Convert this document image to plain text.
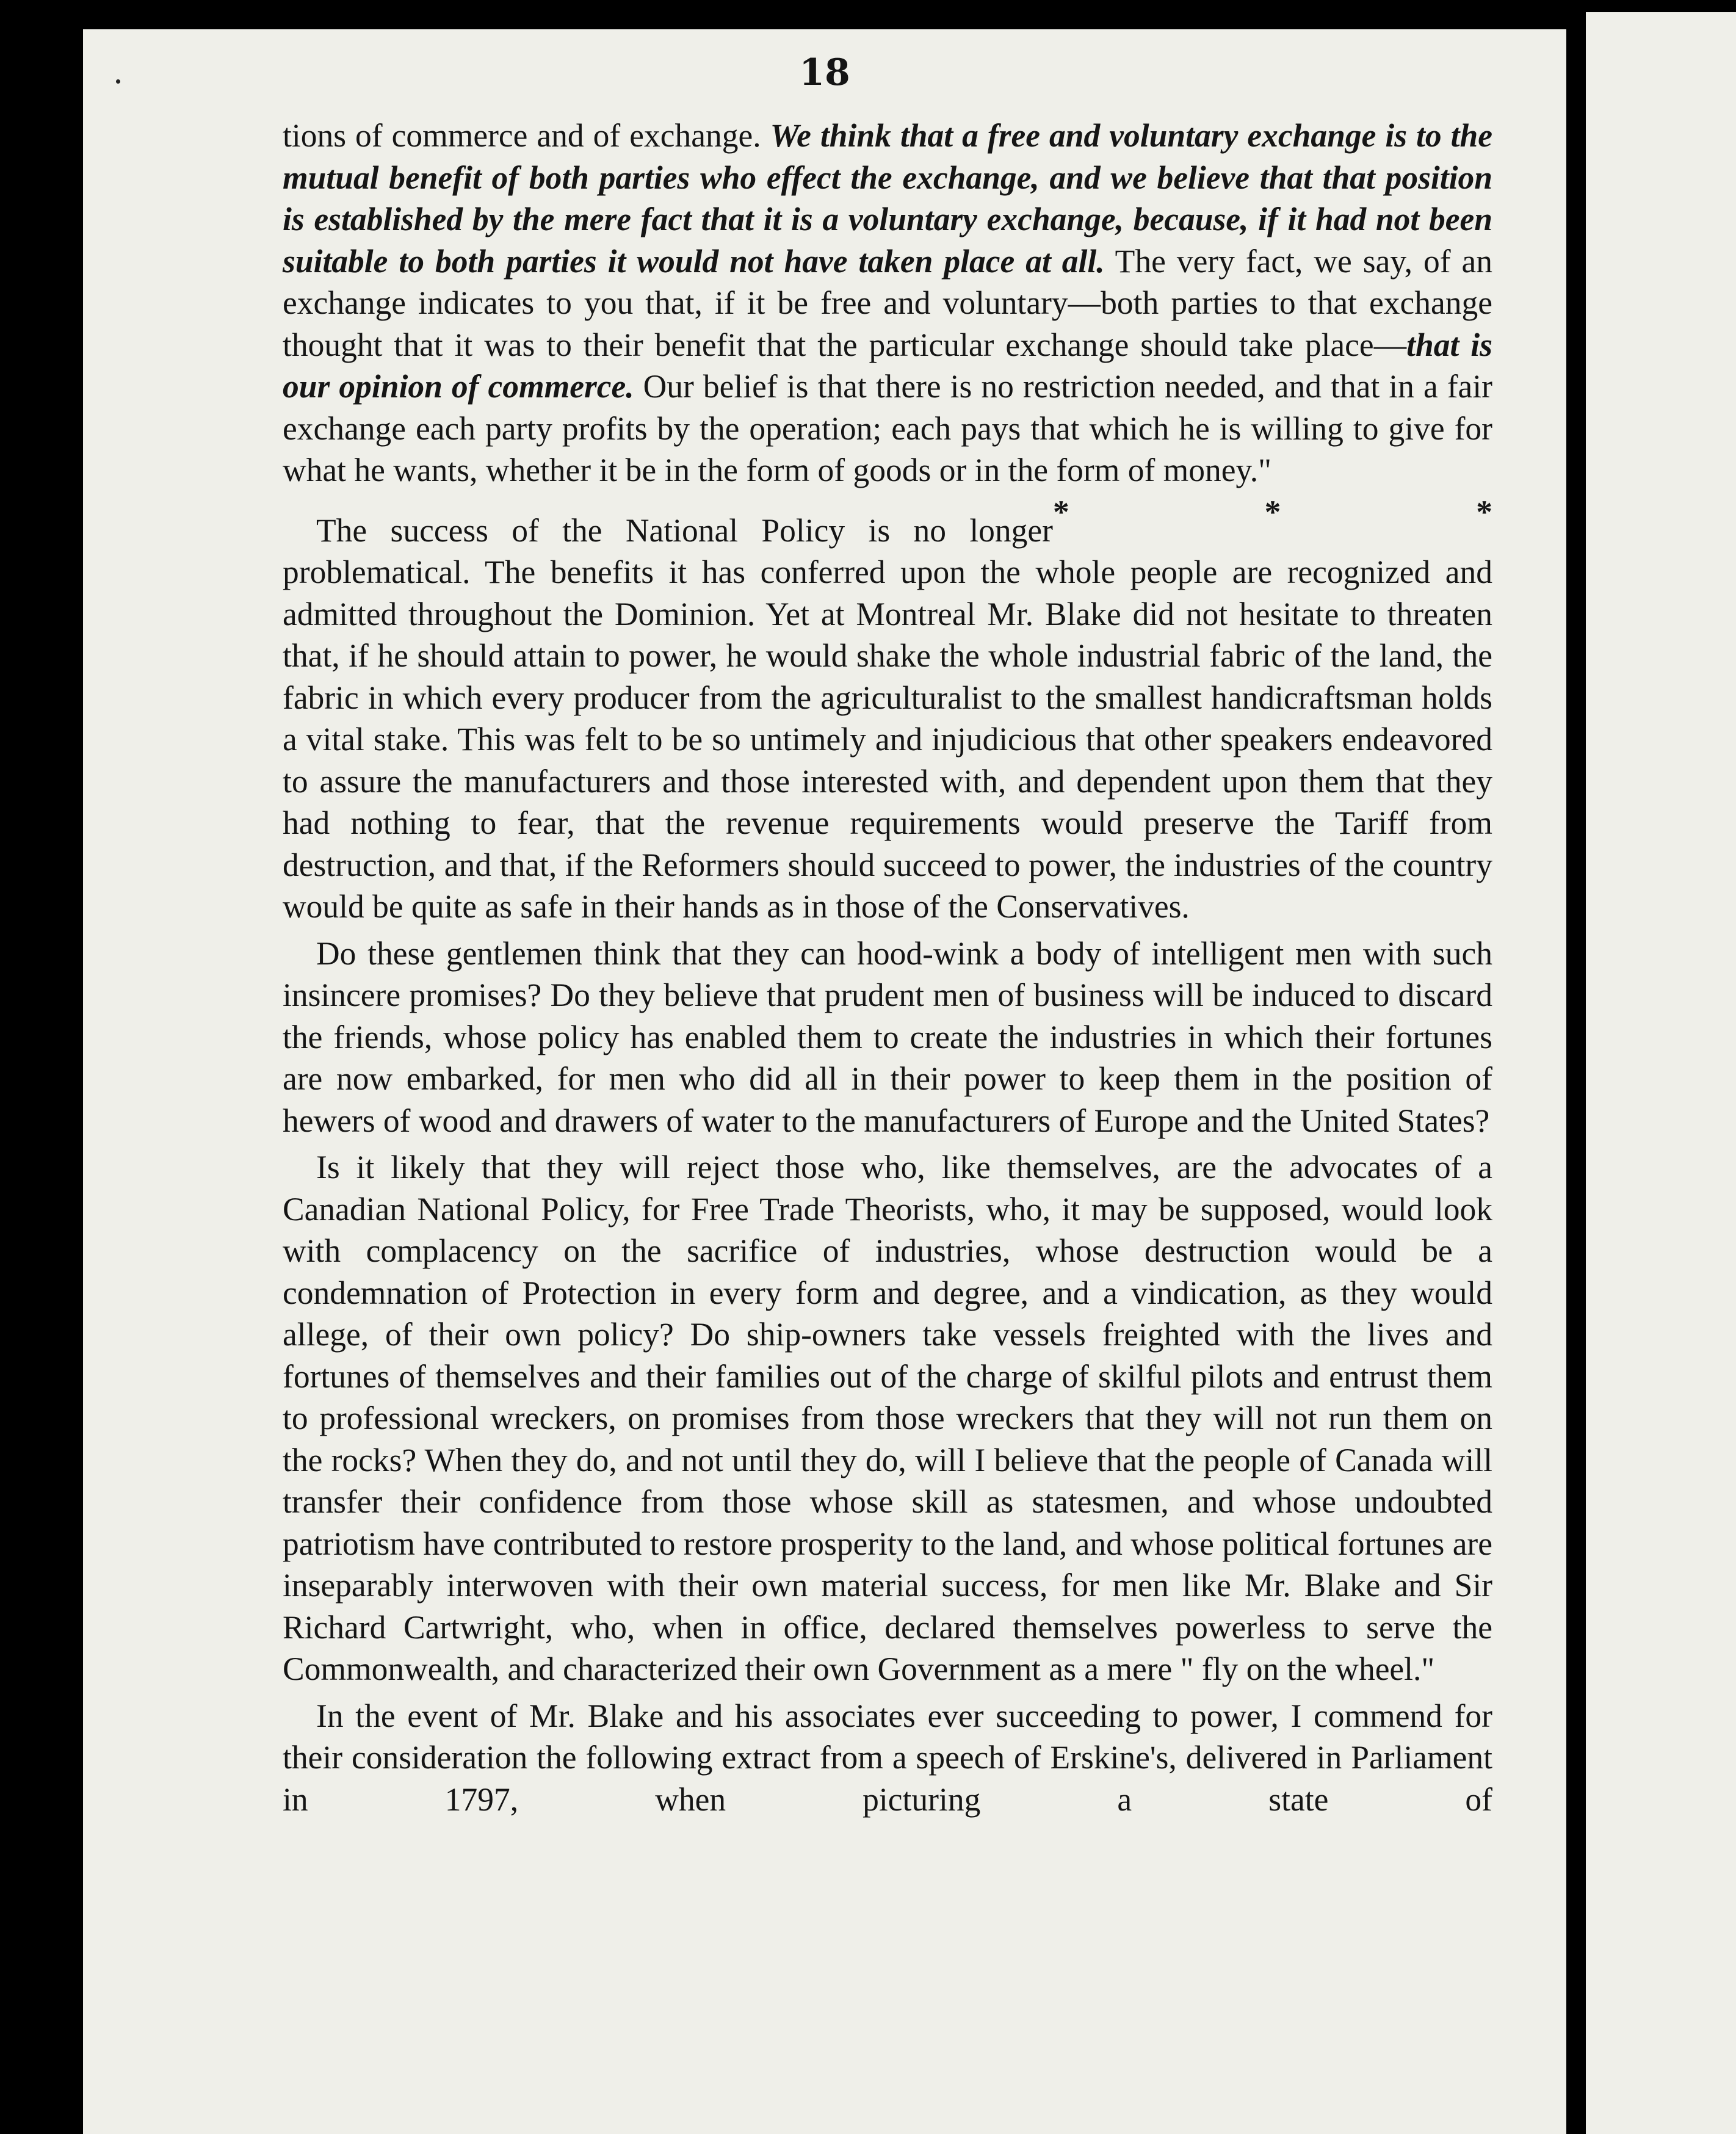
18

tions of commerce and of exchange. We think that a free and voluntary exchange is to the mutual benefit of both parties who effect the exchange, and we believe that that position is established by the mere fact that it is a voluntary exchange, because, if it had not been suitable to both parties it would not have taken place at all. The very fact, we say, of an exchange indicates to you that, if it be free and voluntary—both parties to that exchange thought that it was to their benefit that the particular exchange should take place—that is our opinion of commerce. Our belief is that there is no restriction needed, and that in a fair exchange each party profits by the operation; each pays that which he is willing to give for what he wants, whether it be in the form of goods or in the form of money."
*	*	*

The success of the National Policy is no longer problematical. The benefits it has conferred upon the whole people are recognized and admitted throughout the Dominion. Yet at Montreal Mr. Blake did not hesitate to threaten that, if he should attain to power, he would shake the whole industrial fabric of the land, the fabric in which every producer from the agriculturalist to the smallest handicraftsman holds a vital stake. This was felt to be so untimely and injudicious that other speakers endeavored to assure the manufacturers and those interested with, and dependent upon them that they had nothing to fear, that the revenue requirements would preserve the Tariff from destruction, and that, if the Reformers should succeed to power, the industries of the country would be quite as safe in their hands as in those of the Conservatives.

Do these gentlemen think that they can hood-wink a body of intelligent men with such insincere promises? Do they believe that prudent men of business will be induced to discard the friends, whose policy has enabled them to create the industries in which their fortunes are now embarked, for men who did all in their power to keep them in the position of hewers of wood and drawers of water to the manufacturers of Europe and the United States?

Is it likely that they will reject those who, like themselves, are the advocates of a Canadian National Policy, for Free Trade Theorists, who, it may be supposed, would look with complacency on the sacrifice of industries, whose destruction would be a condemnation of Protection in every form and degree, and a vindication, as they would allege, of their own policy? Do ship-owners take vessels freighted with the lives and fortunes of themselves and their families out of the charge of skilful pilots and entrust them to professional wreckers, on promises from those wreckers that they will not run them on the rocks? When they do, and not until they do, will I believe that the people of Canada will transfer their confidence from those whose skill as statesmen, and whose undoubted patriotism have contributed to restore prosperity to the land, and whose political fortunes are inseparably interwoven with their own material success, for men like Mr. Blake and Sir Richard Cartwright, who, when in office, declared themselves powerless to serve the Commonwealth, and characterized their own Government as a mere " fly on the wheel."

In the event of Mr. Blake and his associates ever succeeding to power, I commend for their consideration the following extract from a speech of Erskine's, delivered in Parliament in 1797, when picturing a state of
